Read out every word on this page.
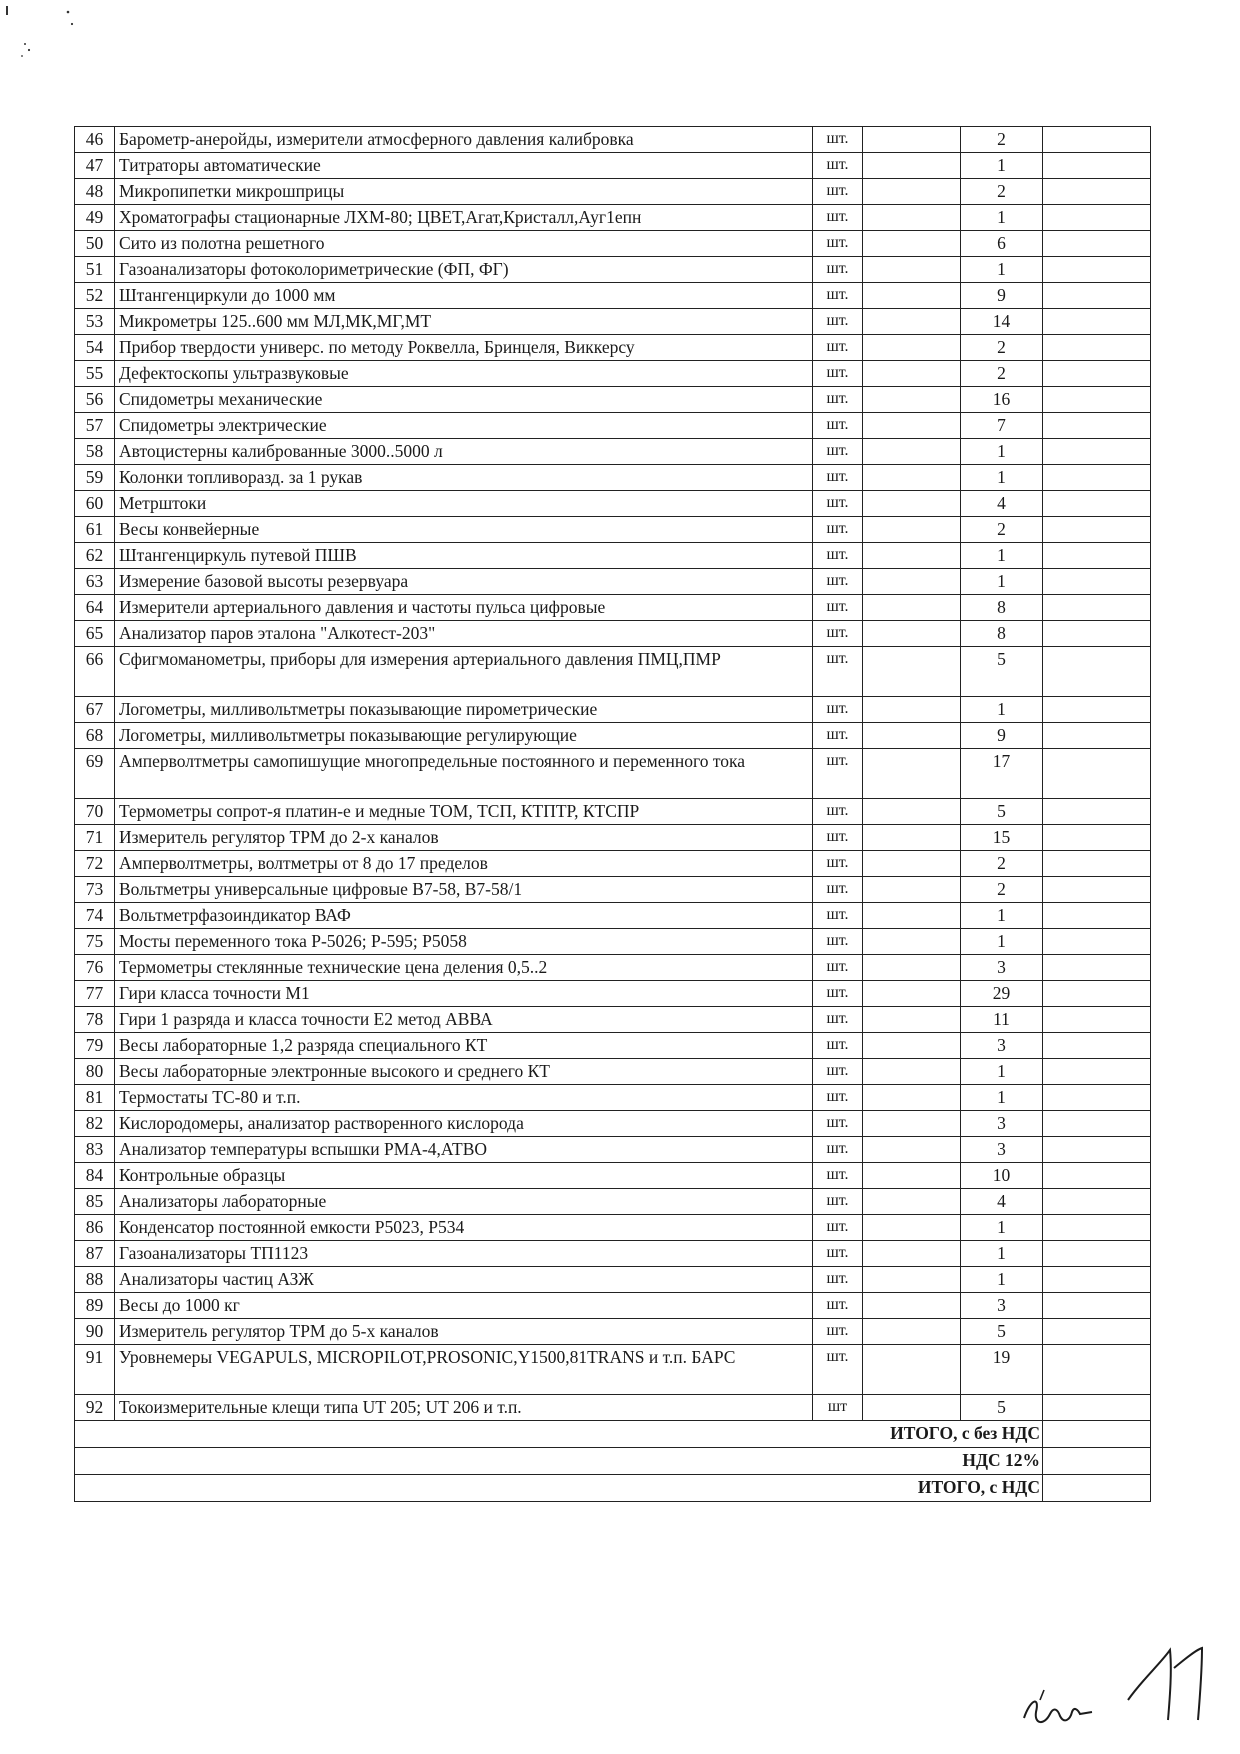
46	Барометр-анеройды, измерители атмосферного давления калибровка	шт.		2	
47	Титраторы автоматические	шт.		1	
48	Микропипетки микрошприцы	шт.		2	
49	Хроматографы стационарные ЛХМ-80; ЦВЕТ,Агат,Кристалл,Ауг1епн	шт.		1	
50	Сито из полотна решетного	шт.		6	
51	Газоанализаторы фотоколориметрические (ФП, ФГ)	шт.		1	
52	Штангенциркули до 1000 мм	шт.		9	
53	Микрометры 125..600 мм МЛ,МК,МГ,МТ	шт.		14	
54	Прибор твердости универс. по методу Роквелла, Бринцеля, Виккерсу	шт.		2	
55	Дефектоскопы ультразвуковые	шт.		2	
56	Спидометры механические	шт.		16	
57	Спидометры электрические	шт.		7	
58	Автоцистерны калиброванные 3000..5000 л	шт.		1	
59	Колонки топливоразд. за 1 рукав	шт.		1	
60	Метрштоки	шт.		4	
61	Весы конвейерные	шт.		2	
62	Штангенциркуль путевой ПШВ	шт.		1	
63	Измерение базовой высоты резервуара	шт.		1	
64	Измерители артериального давления и частоты пульса цифровые	шт.		8	
65	Анализатор паров эталона "Алкотест-203"	шт.		8	
66	Сфигмоманометры, приборы для измерения артериального давления ПМЦ,ПМР	шт.		5	
67	Логометры, милливольтметры показывающие пирометрические	шт.		1	
68	Логометры, милливольтметры показывающие регулирующие	шт.		9	
69	Амперволтметры самопишущие многопредельные постоянного и переменного тока	шт.		17	
70	Термометры сопрот-я платин-е и медные ТОМ, ТСП, КТПТР, КТСПР	шт.		5	
71	Измеритель регулятор ТРМ до 2-х каналов	шт.		15	
72	Амперволтметры, волтметры от 8 до 17 пределов	шт.		2	
73	Вольтметры универсальные цифровые В7-58, В7-58/1	шт.		2	
74	Вольтметрфазоиндикатор ВАФ	шт.		1	
75	Мосты переменного тока Р-5026; Р-595; Р5058	шт.		1	
76	Термометры стеклянные технические цена деления 0,5..2	шт.		3	
77	Гири класса точности М1	шт.		29	
78	Гири 1 разряда и класса точности Е2 метод АВВА	шт.		11	
79	Весы лабораторные 1,2 разряда специального КТ	шт.		3	
80	Весы лабораторные электронные высокого и среднего КТ	шт.		1	
81	Термостаты ТС-80 и т.п.	шт.		1	
82	Кислородомеры, анализатор растворенного кислорода	шт.		3	
83	Анализатор температуры вспышки РМА-4,АТВО	шт.		3	
84	Контрольные образцы	шт.		10	
85	Анализаторы лабораторные	шт.		4	
86	Конденсатор постоянной емкости Р5023, Р534	шт.		1	
87	Газоанализаторы ТП1123	шт.		1	
88	Анализаторы частиц АЗЖ	шт.		1	
89	Весы до 1000 кг	шт.		3	
90	Измеритель регулятор ТРМ до 5-х каналов	шт.		5	
91	Уровнемеры VEGAPULS, MICROPILOT,PROSONIC,Y1500,81TRANS и т.п. БАРС	шт.		19	
92	Токоизмерительные клещи типа UT 205; UT 206 и т.п.	шт		5	
			ИТОГО, с без НДС		
			НДС 12%		
			ИТОГО, с НДС		
